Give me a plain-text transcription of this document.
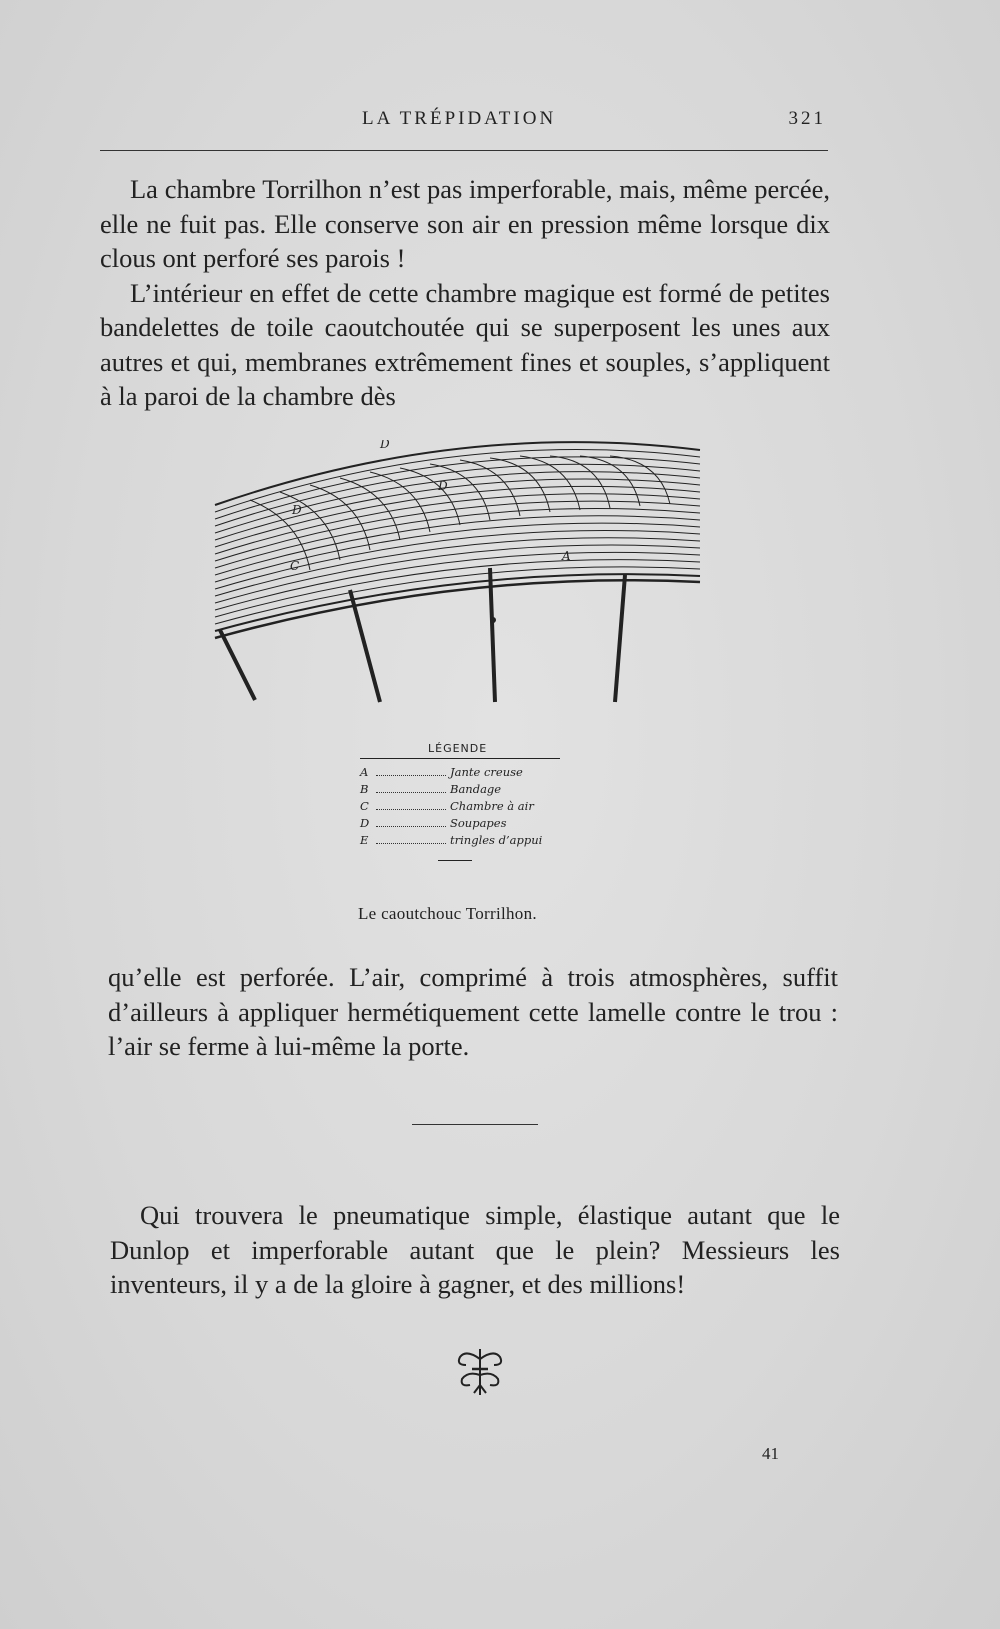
LA TRÉPIDATION	321

La chambre Torrilhon n’est pas imperforable, mais, même percée, elle ne fuit pas. Elle conserve son air en pression même lorsque dix clous ont perforé ses parois !

L’intérieur en effet de cette chambre magique est formé de petites bandelettes de toile caoutchoutée qui se superposent les unes aux autres et qui, membranes extrêmement fines et souples, s’appliquent à la paroi de la chambre dès

D
D
D
C
A
LÉGENDE
A	Jante creuse
B	Bandage
C	Chambre à air
D	Soupapes
E	tringles d’appui
Le caoutchouc Torrilhon.

qu’elle est perforée. L’air, comprimé à trois atmosphères, suffit d’ailleurs à appliquer hermétiquement cette lamelle contre le trou : l’air se ferme à lui-même la porte.

Qui trouvera le pneumatique simple, élastique autant que le Dunlop et imperforable autant que le plein? Messieurs les inventeurs, il y a de la gloire à gagner, et des millions!

41
